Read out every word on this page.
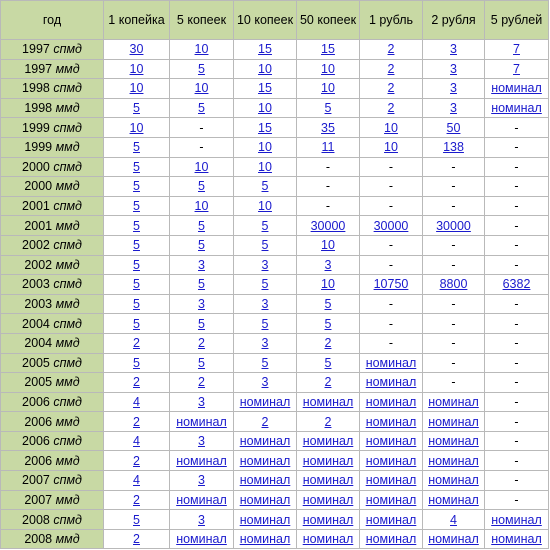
год	1 копейка	5 копеек	10 копеек	50 копеек	1 рубль	2 рубля	5 рублей
1997 спмд	30	10	15	15	2	3	7
1997 ммд	10	5	10	10	2	3	7
1998 спмд	10	10	15	10	2	3	номинал
1998 ммд	5	5	10	5	2	3	номинал
1999 спмд	10	-	15	35	10	50	-
1999 ммд	5	-	10	11	10	138	-
2000 спмд	5	10	10	-	-	-	-
2000 ммд	5	5	5	-	-	-	-
2001 спмд	5	10	10	-	-	-	-
2001 ммд	5	5	5	30000	30000	30000	-
2002 спмд	5	5	5	10	-	-	-
2002 ммд	5	3	3	3	-	-	-
2003 спмд	5	5	5	10	10750	8800	6382
2003 ммд	5	3	3	5	-	-	-
2004 спмд	5	5	5	5	-	-	-
2004 ммд	2	2	3	2	-	-	-
2005 спмд	5	5	5	5	номинал	-	-
2005 ммд	2	2	3	2	номинал	-	-
2006 спмд	4	3	номинал	номинал	номинал	номинал	-
2006 ммд	2	номинал	2	2	номинал	номинал	-
2006 спмд	4	3	номинал	номинал	номинал	номинал	-
2006 ммд	2	номинал	номинал	номинал	номинал	номинал	-
2007 спмд	4	3	номинал	номинал	номинал	номинал	-
2007 ммд	2	номинал	номинал	номинал	номинал	номинал	-
2008 спмд	5	3	номинал	номинал	номинал	4	номинал
2008 ммд	2	номинал	номинал	номинал	номинал	номинал	номинал
